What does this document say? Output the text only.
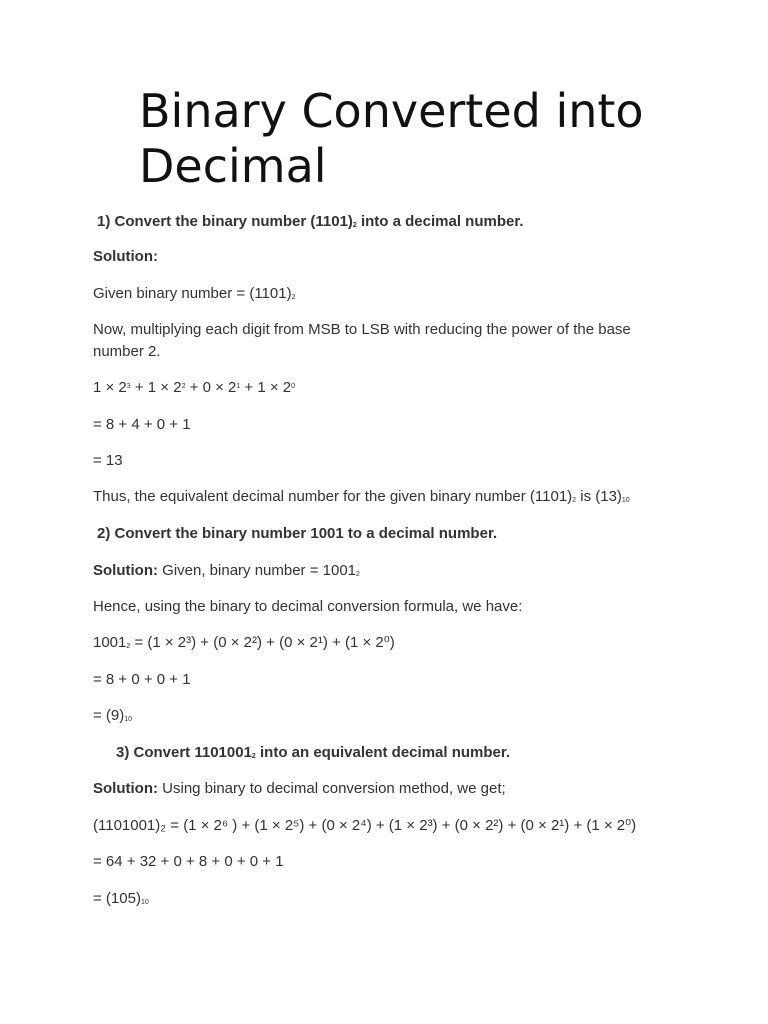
Binary Converted into Decimal
1) Convert the binary number $(1101)_2$ into a decimal number.
Solution:
Given binary number = $(1101)_2$
Now, multiplying each digit from MSB to LSB with reducing the power of the base number 2.
$1 \times 2^3 + 1 \times 2^2 + 0 \times 2^1 + 1 \times 2^0$
= 8 + 4 + 0 + 1
= 13
Thus, the equivalent decimal number for the given binary number $(1101)_2$ is $(13)_{10}$
2) Convert the binary number 1001 to a decimal number.
Solution: Given, binary number = $1001_2$
Hence, using the binary to decimal conversion formula, we have:
$1001_2 = (1 \times 2^3) + (0 \times 2^2) + (0 \times 2^1) + (1 \times 2^0)$
= 8 + 0 + 0 + 1
= $(9)_{10}$
3) Convert $1101001_2$ into an equivalent decimal number.
Solution: Using binary to decimal conversion method, we get;
(1101001)₂ = (1 × 2⁶ ) + (1 × 2⁵) + (0 × 2⁴) + (1 × 2³) + (0 × 2²) + (0 × 2¹) + (1 × 2⁰)
= 64 + 32 + 0 + 8 + 0 + 0 + 1
= $(105)_{10}$
